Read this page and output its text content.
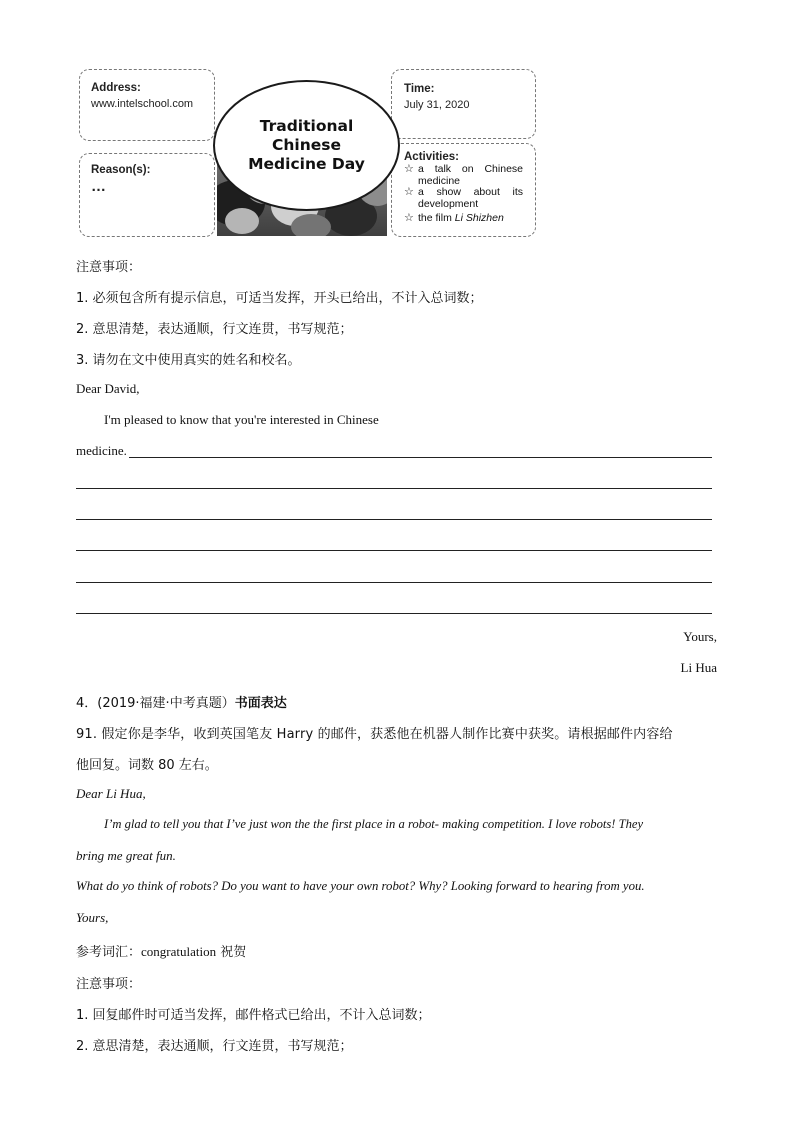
Address:
www.intelschool.com
Reason(s):
…
Traditional
Chinese
Medicine Day
Time:
July 31, 2020
Activities:
☆ a talk on Chinese medicine
☆ a show about its development
☆ the film Li Shizhen
注意事项：
1. 必须包含所有提示信息，可适当发挥，开头已给出，不计入总词数；
2. 意思清楚，表达通顺，行文连贯，书写规范；
3. 请勿在文中使用真实的姓名和校名。
Dear David,
I'm pleased to know that you're interested in Chinese
medicine.
Yours,
Li Hua
4．(2019·福建·中考真题）书面表达
91. 假定你是李华，收到英国笔友 Harry 的邮件，获悉他在机器人制作比赛中获奖。请根据邮件内容给
他回复。词数 80 左右。
Dear Li Hua,
I’m glad to tell you that I’ve just won the the first place in a robot- making competition. I love robots! They
bring me great fun.
What do yo think of robots? Do you want to have your own robot? Why? Looking forward to hearing from you.
Yours,
参考词汇：congratulation 祝贺
注意事项：
1. 回复邮件时可适当发挥，邮件格式已给出，不计入总词数；
2. 意思清楚，表达通顺，行文连贯，书写规范；
